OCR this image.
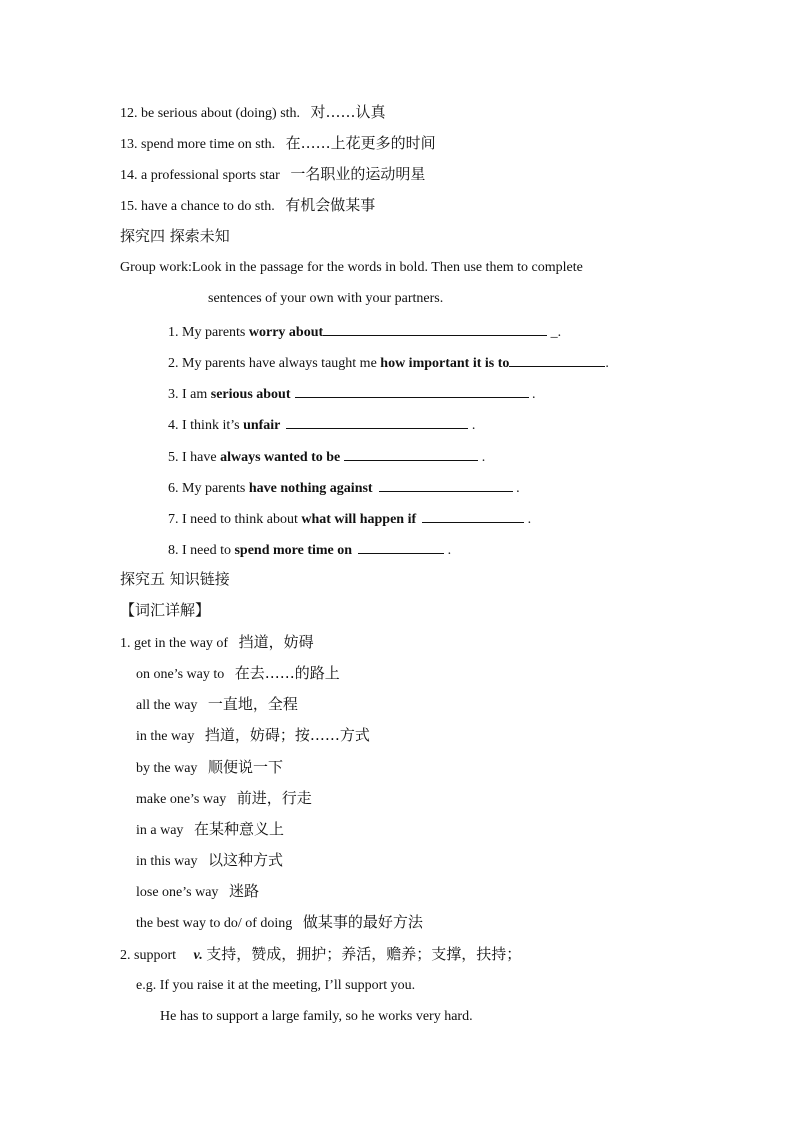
12. be serious about (doing) sth. 对……认真
13. spend more time on sth. 在……上花更多的时间
14. a professional sports star 一名职业的运动明星
15. have a chance to do sth. 有机会做某事
探究四 探索未知
Group work:Look in the passage for the words in bold. Then use them to complete
sentences of your own with your partners.
1. My parents worry about	_.
2. My parents have always taught me how important it is to	.
3. I am serious about	.
4. I think it’s unfair	.
5. I have always wanted to be	.
6. My parents have nothing against	.
7. I need to think about what will happen if	.
8. I need to spend more time on	.
探究五 知识链接
【词汇详解】
1. get in the way of 挡道，妨碍
on one’s way to 在去……的路上
all the way 一直地，全程
in the way 挡道，妨碍；按……方式
by the way 顺便说一下
make one’s way 前进，行走
in a way 在某种意义上
in this way 以这种方式
lose one’s way 迷路
the best way to do/ of doing 做某事的最好方法
2. support v. 支持，赞成，拥护；养活，赡养；支撑，扶持；
e.g. If you raise it at the meeting, I’ll support you.
He has to support a large family, so he works very hard.
